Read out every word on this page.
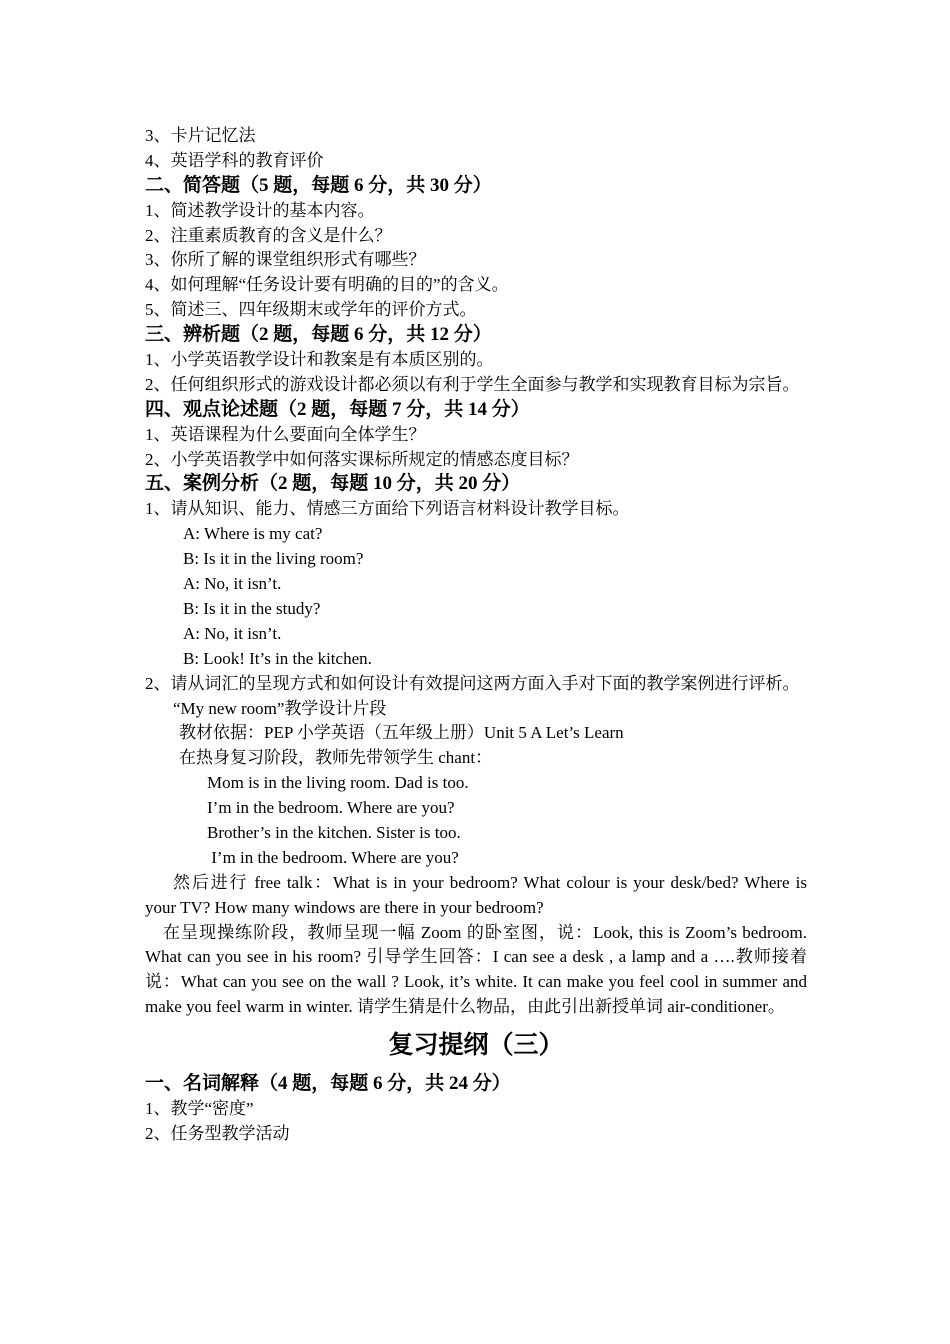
3、卡片记忆法
4、英语学科的教育评价
二、简答题（5 题，每题 6 分，共 30 分）
1、简述教学设计的基本内容。
2、注重素质教育的含义是什么？
3、你所了解的课堂组织形式有哪些？
4、如何理解“任务设计要有明确的目的”的含义。
5、简述三、四年级期末或学年的评价方式。
三、辨析题（2 题，每题 6 分，共 12 分）
1、小学英语教学设计和教案是有本质区别的。
2、任何组织形式的游戏设计都必须以有利于学生全面参与教学和实现教育目标为宗旨。
四、观点论述题（2 题，每题 7 分，共 14 分）
1、英语课程为什么要面向全体学生？
2、小学英语教学中如何落实课标所规定的情感态度目标？
五、案例分析（2 题，每题 10 分，共 20 分）
1、请从知识、能力、情感三方面给下列语言材料设计教学目标。
A: Where is my cat?
B: Is it in the living room?
A: No, it isn’t.
B: Is it in the study?
A: No, it isn’t.
B: Look! It’s in the kitchen.
2、请从词汇的呈现方式和如何设计有效提问这两方面入手对下面的教学案例进行评析。
“My new room”教学设计片段
教材依据：PEP 小学英语（五年级上册）Unit 5 A Let’s Learn
在热身复习阶段，教师先带领学生 chant：
Mom is in the living room. Dad is too.
I’m in the bedroom. Where are you?
Brother’s in the kitchen. Sister is too.
I’m in the bedroom. Where are you?
然后进行 free talk：What is in your bedroom? What colour is your desk/bed? Where is your TV? How many windows are there in your bedroom?
在呈现操练阶段，教师呈现一幅 Zoom 的卧室图，说：Look, this is Zoom’s bedroom. What can you see in his room? 引导学生回答：I can see a desk , a lamp and a ….教师接着说：What can you see on the wall ? Look, it’s white. It can make you feel cool in summer and make you feel warm in winter. 请学生猜是什么物品，由此引出新授单词 air-conditioner。
复习提纲（三）
一、名词解释（4 题，每题 6 分，共 24 分）
1、教学“密度”
2、任务型教学活动
